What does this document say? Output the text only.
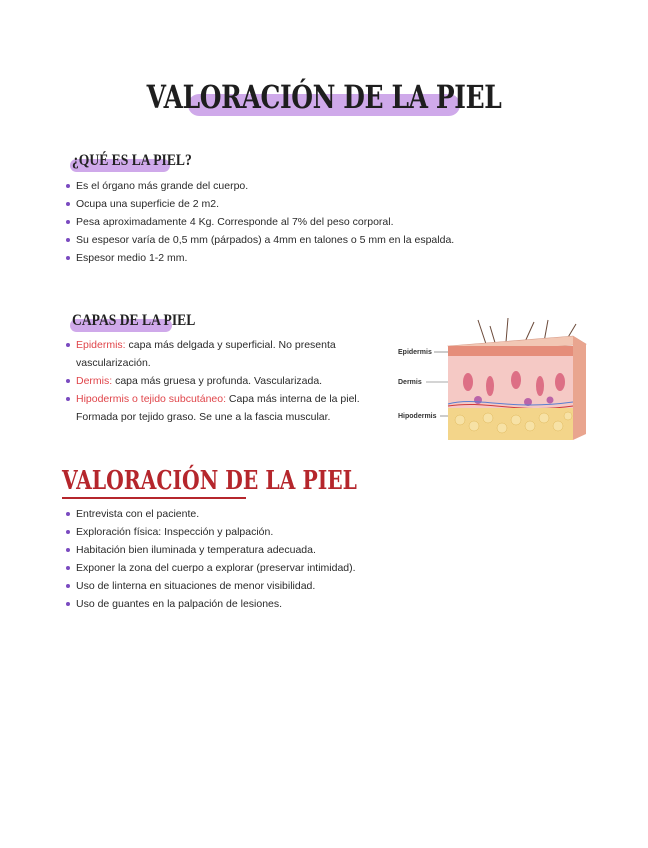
VALORACIÓN DE LA PIEL
¿QUÉ ES LA PIEL?
Es el órgano más grande del cuerpo.
Ocupa una superficie de 2 m2.
Pesa aproximadamente 4 Kg. Corresponde al 7% del peso corporal.
Su espesor varía de 0,5 mm (párpados) a 4mm en talones o 5 mm en la espalda.
Espesor medio 1-2 mm.
CAPAS DE LA PIEL
Epidermis: capa más delgada y superficial. No presenta vascularización.
Dermis: capa más gruesa y profunda. Vascularizada.
Hipodermis o tejido subcutáneo: Capa más interna de la piel. Formada por tejido graso. Se une a la fascia muscular.
Epidermis
Dermis
Hipodermis
VALORACIÓN DE LA PIEL
Entrevista con el paciente.
Exploración física: Inspección y palpación.
Habitación bien iluminada y temperatura adecuada.
Exponer la zona del cuerpo a explorar (preservar intimidad).
Uso de linterna en situaciones de menor visibilidad.
Uso de guantes en la palpación de lesiones.
